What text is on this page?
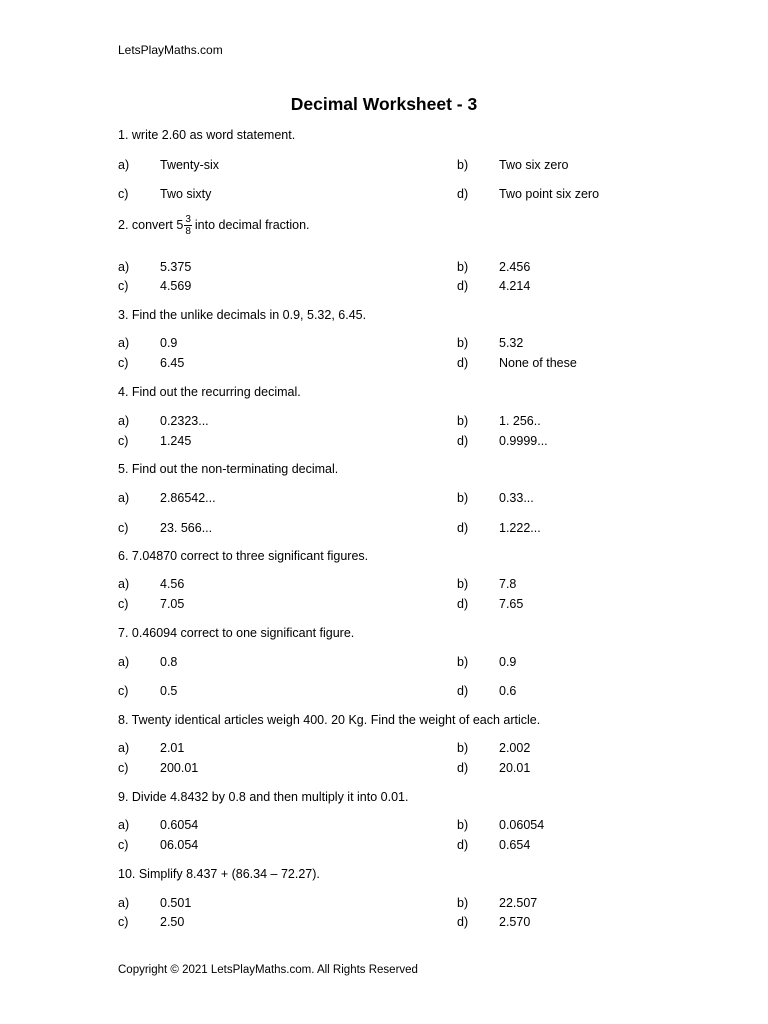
LetsPlayMaths.com
Decimal Worksheet - 3
1. write 2.60 as word statement.
a) Twenty-six	b) Two six zero
c)	Two sixty	d) Two point six zero
2. convert $5 \frac{3}{8}$ into decimal fraction.
a) 5.375	b) 2.456
c)	4.569	d) 4.214
3. Find the unlike decimals in 0.9, 5.32, 6.45.
a) 0.9	b) 5.32
c)	6.45	d) None of these
4. Find out the recurring decimal.
a) 0.2323...	b) 1. 256..
c)	1.245	d) 0.9999...
5. Find out the non-terminating decimal.
a) 2.86542...	b) 0.33...
c)	23. 566...	d) 1.222...
6. 7.04870 correct to three significant figures.
a) 4.56	b) 7.8
c)	7.05	d) 7.65
7. 0.46094 correct to one significant figure.
a) 0.8	b) 0.9
c)	0.5	d) 0.6
8. Twenty identical articles weigh 400. 20 Kg. Find the weight of each article.
a) 2.01	b) 2.002
c)	200.01	d) 20.01
9. Divide 4.8432 by 0.8 and then multiply it into 0.01.
a) 0.6054	b) 0.06054
c)	06.054	d) 0.654
10. Simplify 8.437 + (86.34 – 72.27).
a) 0.501	b) 22.507
c)	2.50	d) 2.570
Copyright © 2021 LetsPlayMaths.com. All Rights Reserved
